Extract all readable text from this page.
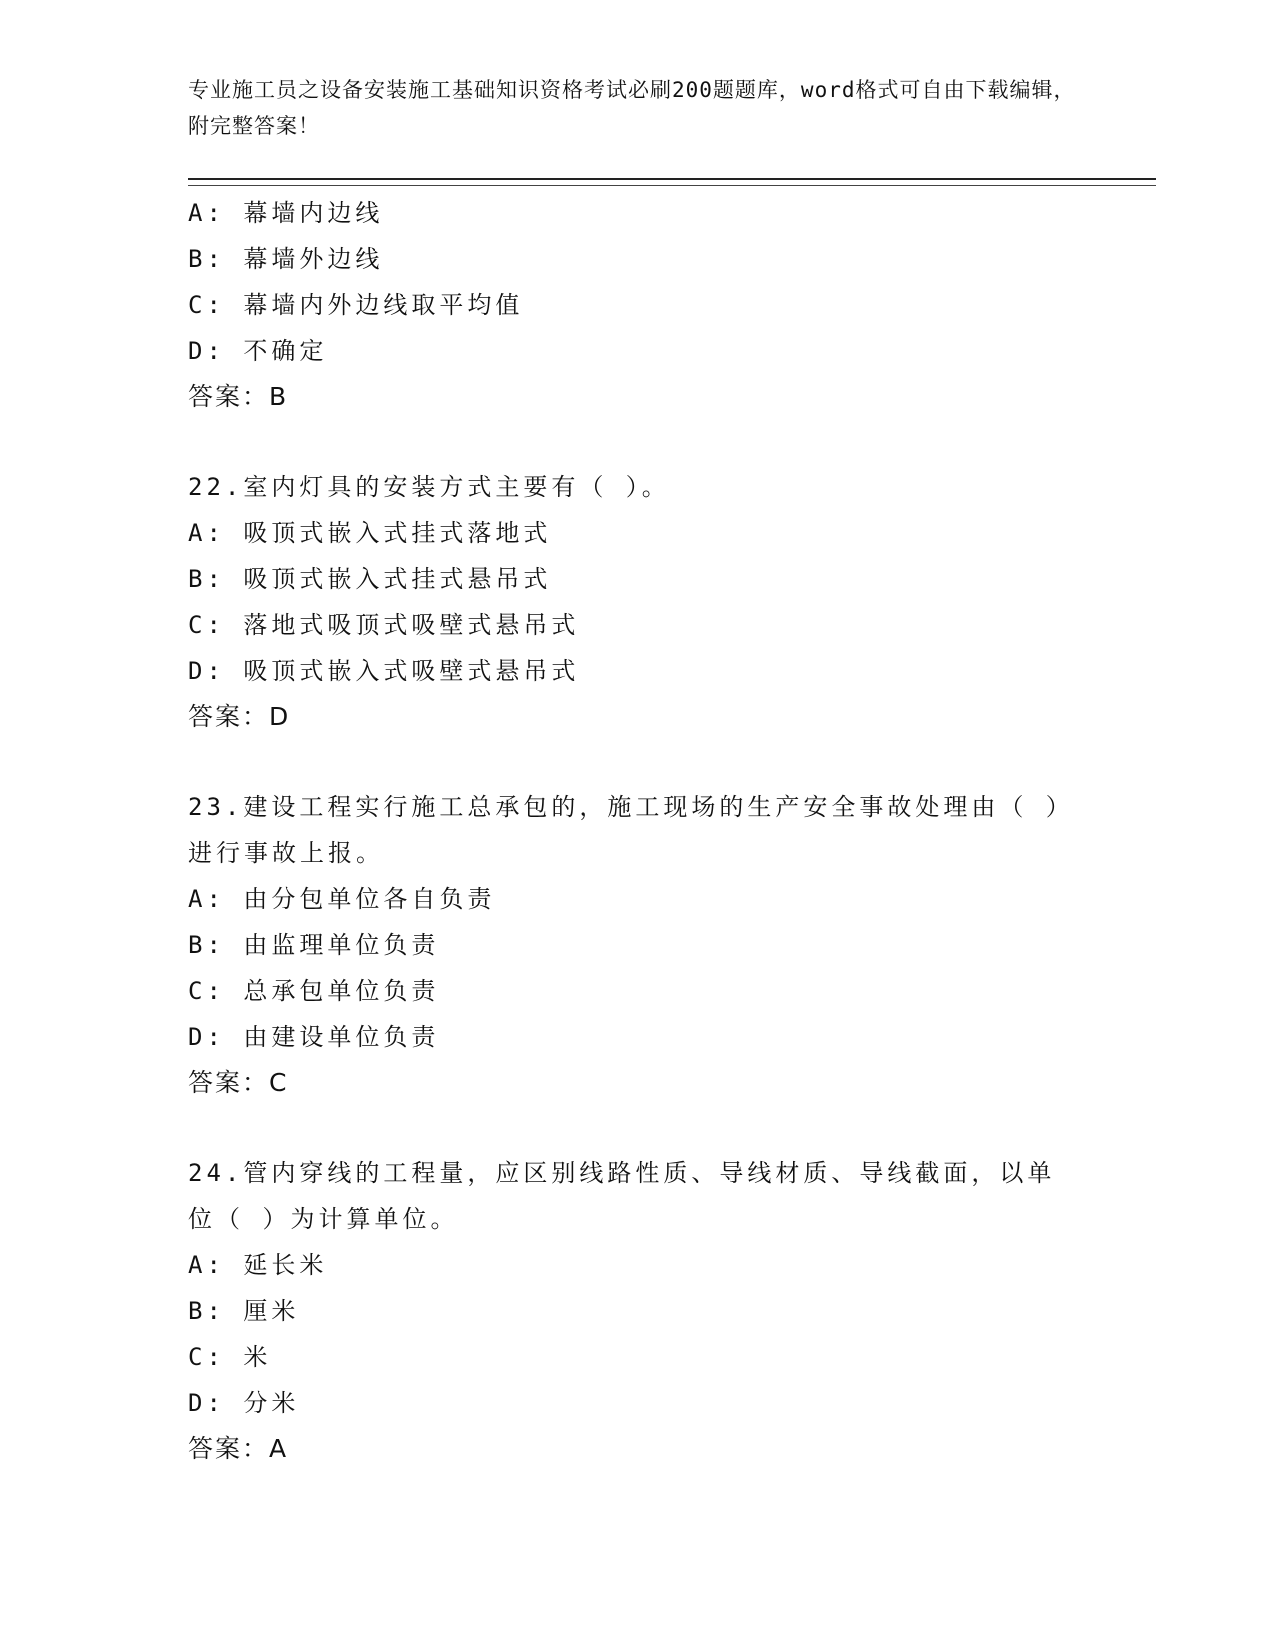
专业施工员之设备安装施工基础知识资格考试必刷200题题库，word格式可自由下载编辑，附完整答案！
A: 幕墙内边线
B: 幕墙外边线
C: 幕墙内外边线取平均值
D: 不确定
答案：B
22.室内灯具的安装方式主要有（ ）。
A: 吸顶式嵌入式挂式落地式
B: 吸顶式嵌入式挂式悬吊式
C: 落地式吸顶式吸壁式悬吊式
D: 吸顶式嵌入式吸壁式悬吊式
答案：D
23.建设工程实行施工总承包的，施工现场的生产安全事故处理由（ ）进行事故上报。
A: 由分包单位各自负责
B: 由监理单位负责
C: 总承包单位负责
D: 由建设单位负责
答案：C
24.管内穿线的工程量，应区别线路性质、导线材质、导线截面，以单位（ ）为计算单位。
A: 延长米
B: 厘米
C: 米
D: 分米
答案：A
